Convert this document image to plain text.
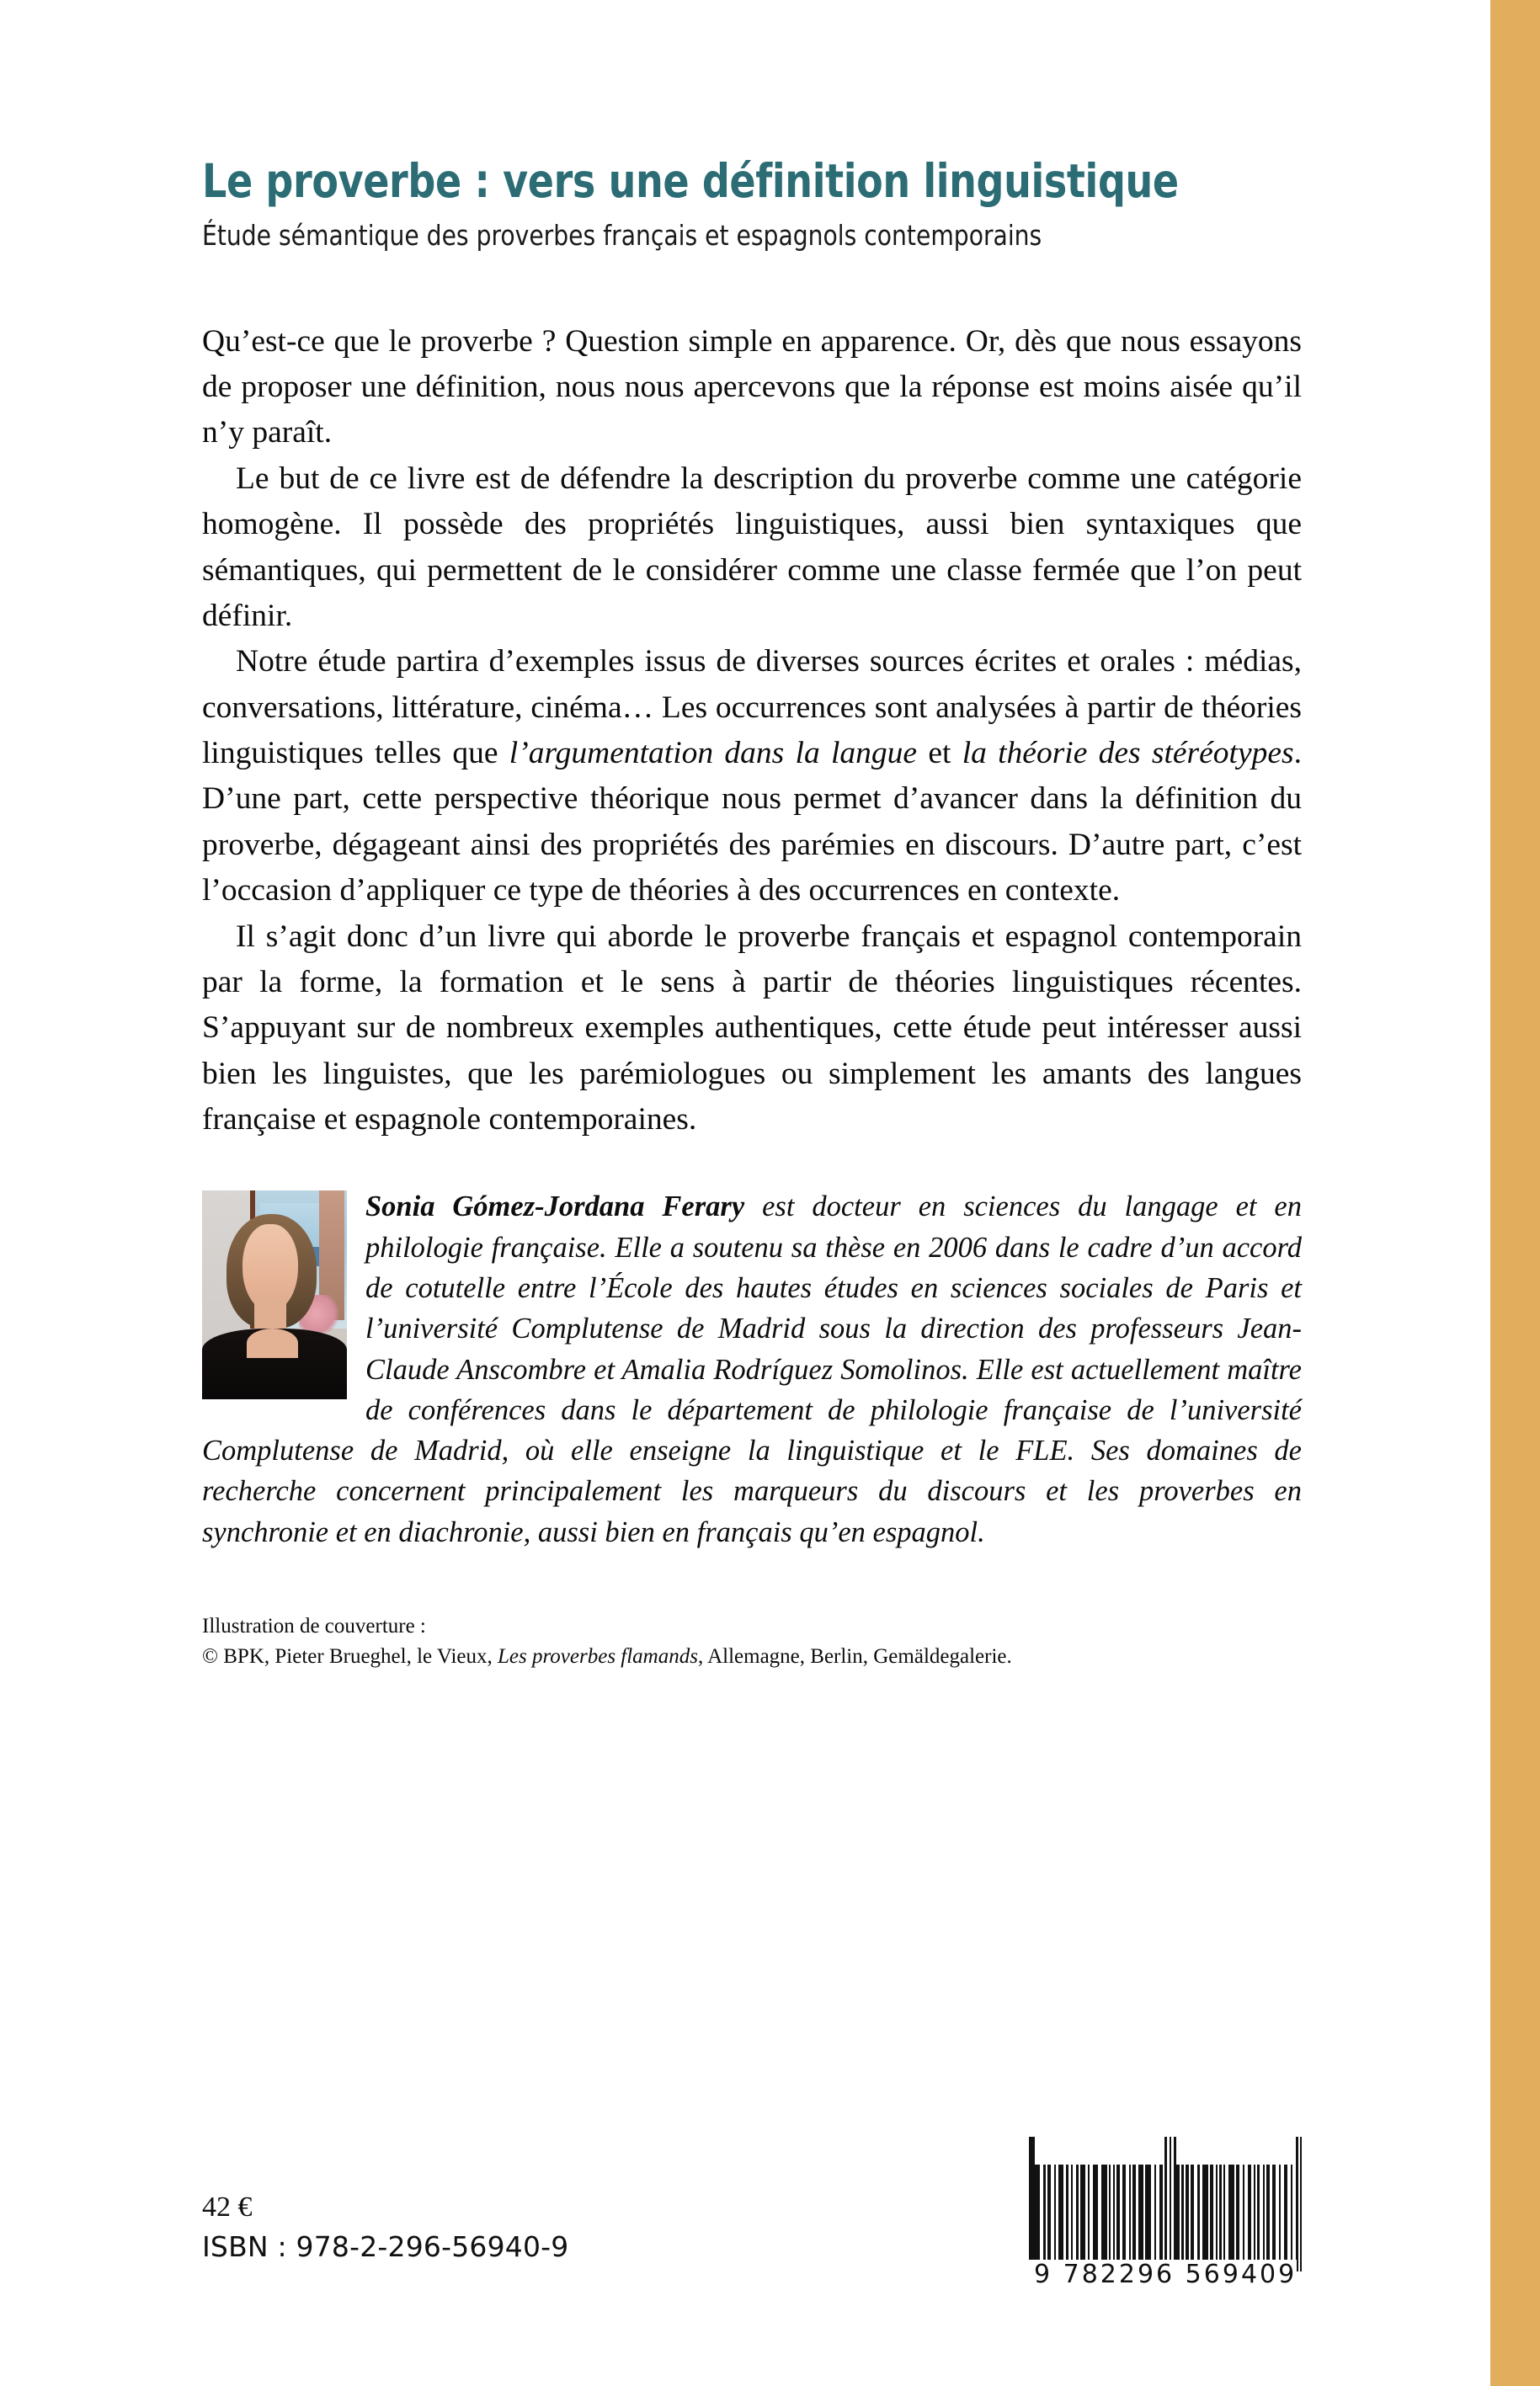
Le proverbe : vers une définition linguistique
Étude sémantique des proverbes français et espagnols contemporains

Qu’est-ce que le proverbe ? Question simple en apparence. Or, dès que nous essayons de proposer une définition, nous nous apercevons que la réponse est moins aisée qu’il n’y paraît.

Le but de ce livre est de défendre la description du proverbe comme une catégorie homogène. Il possède des propriétés linguistiques, aussi bien syntaxiques que sémantiques, qui permettent de le considérer comme une classe fermée que l’on peut définir.

Notre étude partira d’exemples issus de diverses sources écrites et orales : médias, conversations, littérature, cinéma… Les occurrences sont analysées à partir de théories linguistiques telles que l’argumentation dans la langue et la théorie des stéréotypes. D’une part, cette perspective théorique nous permet d’avancer dans la définition du proverbe, dégageant ainsi des propriétés des parémies en discours. D’autre part, c’est l’occasion d’appliquer ce type de théories à des occurrences en contexte.

Il s’agit donc d’un livre qui aborde le proverbe français et espagnol contemporain par la forme, la formation et le sens à partir de théories linguistiques récentes. S’appuyant sur de nombreux exemples authentiques, cette étude peut intéresser aussi bien les linguistes, que les parémiologues ou simplement les amants des langues française et espagnole contemporaines.

Sonia Gómez-Jordana Ferary est docteur en sciences du langage et en philologie française. Elle a soutenu sa thèse en 2006 dans le cadre d’un accord de cotutelle entre l’École des hautes études en sciences sociales de Paris et l’université Complutense de Madrid sous la direction des professeurs Jean-Claude Anscombre et Amalia Rodríguez Somolinos. Elle est actuellement maître de conférences dans le département de philologie française de l’université Complutense de Madrid, où elle enseigne la linguistique et le FLE. Ses domaines de recherche concernent principalement les marqueurs du discours et les proverbes en synchronie et en diachronie, aussi bien en français qu’en espagnol.

Illustration de couverture :
© BPK, Pieter Brueghel, le Vieux, Les proverbes flamands, Allemagne, Berlin, Gemäldegalerie.
42 €
ISBN : 978-2-296-56940-9
9 782296 569409
